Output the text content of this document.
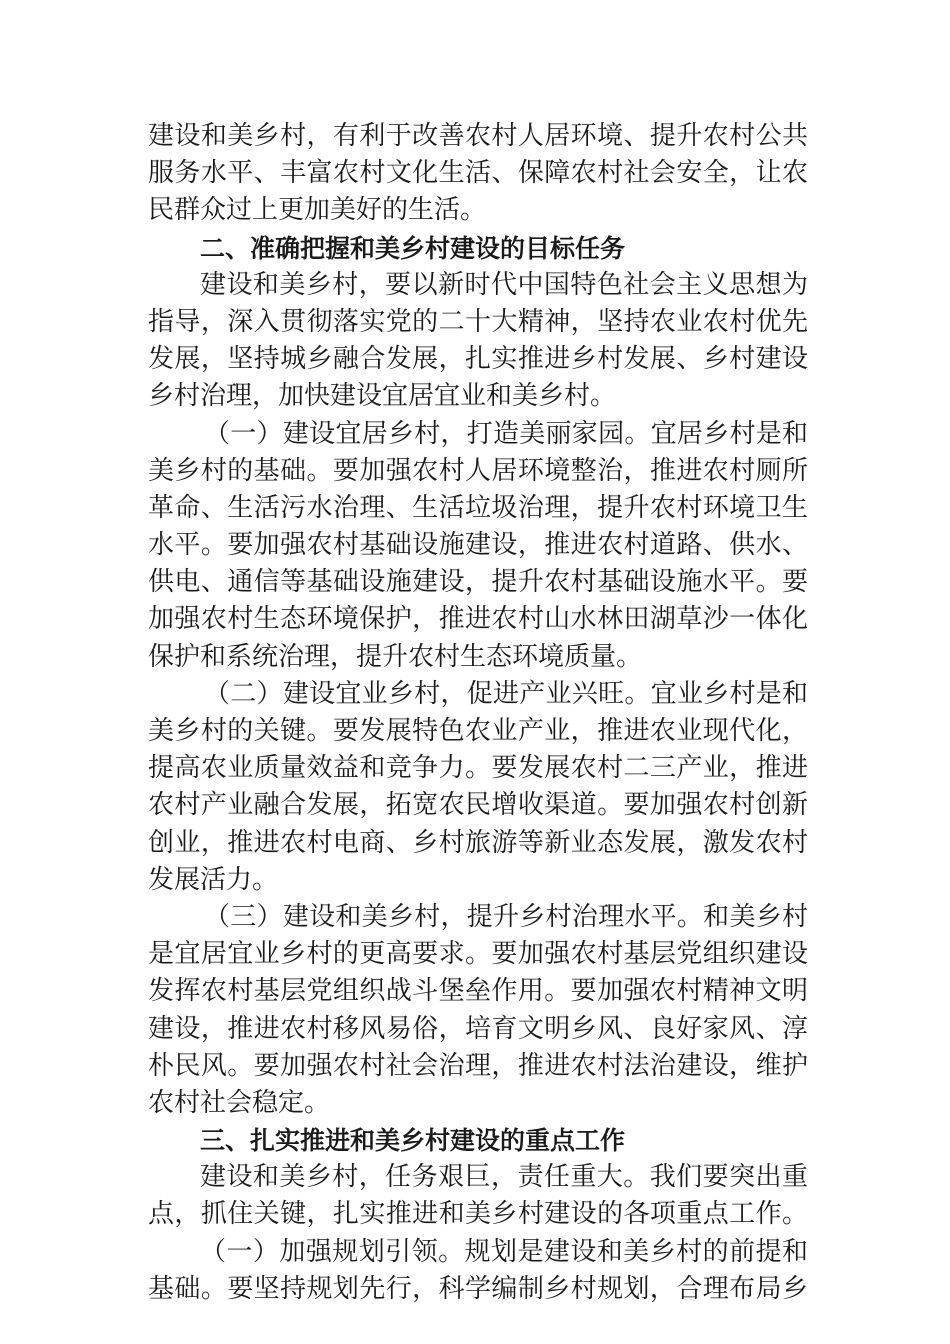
建设和美乡村，有利于改善农村人居环境、提升农村公共
服务水平、丰富农村文化生活、保障农村社会安全，让农
民群众过上更加美好的生活。
二、准确把握和美乡村建设的目标任务
建设和美乡村，要以新时代中国特色社会主义思想为
指导，深入贯彻落实党的二十大精神，坚持农业农村优先
发展，坚持城乡融合发展，扎实推进乡村发展、乡村建设
乡村治理，加快建设宜居宜业和美乡村。
（一）建设宜居乡村，打造美丽家园。宜居乡村是和
美乡村的基础。要加强农村人居环境整治，推进农村厕所
革命、生活污水治理、生活垃圾治理，提升农村环境卫生
水平。要加强农村基础设施建设，推进农村道路、供水、
供电、通信等基础设施建设，提升农村基础设施水平。要
加强农村生态环境保护，推进农村山水林田湖草沙一体化
保护和系统治理，提升农村生态环境质量。
（二）建设宜业乡村，促进产业兴旺。宜业乡村是和
美乡村的关键。要发展特色农业产业，推进农业现代化，
提高农业质量效益和竞争力。要发展农村二三产业，推进
农村产业融合发展，拓宽农民增收渠道。要加强农村创新
创业，推进农村电商、乡村旅游等新业态发展，激发农村
发展活力。
（三）建设和美乡村，提升乡村治理水平。和美乡村
是宜居宜业乡村的更高要求。要加强农村基层党组织建设
发挥农村基层党组织战斗堡垒作用。要加强农村精神文明
建设，推进农村移风易俗，培育文明乡风、良好家风、淳
朴民风。要加强农村社会治理，推进农村法治建设，维护
农村社会稳定。
三、扎实推进和美乡村建设的重点工作
建设和美乡村，任务艰巨，责任重大。我们要突出重
点，抓住关键，扎实推进和美乡村建设的各项重点工作。
（一）加强规划引领。规划是建设和美乡村的前提和
基础。要坚持规划先行，科学编制乡村规划，合理布局乡
